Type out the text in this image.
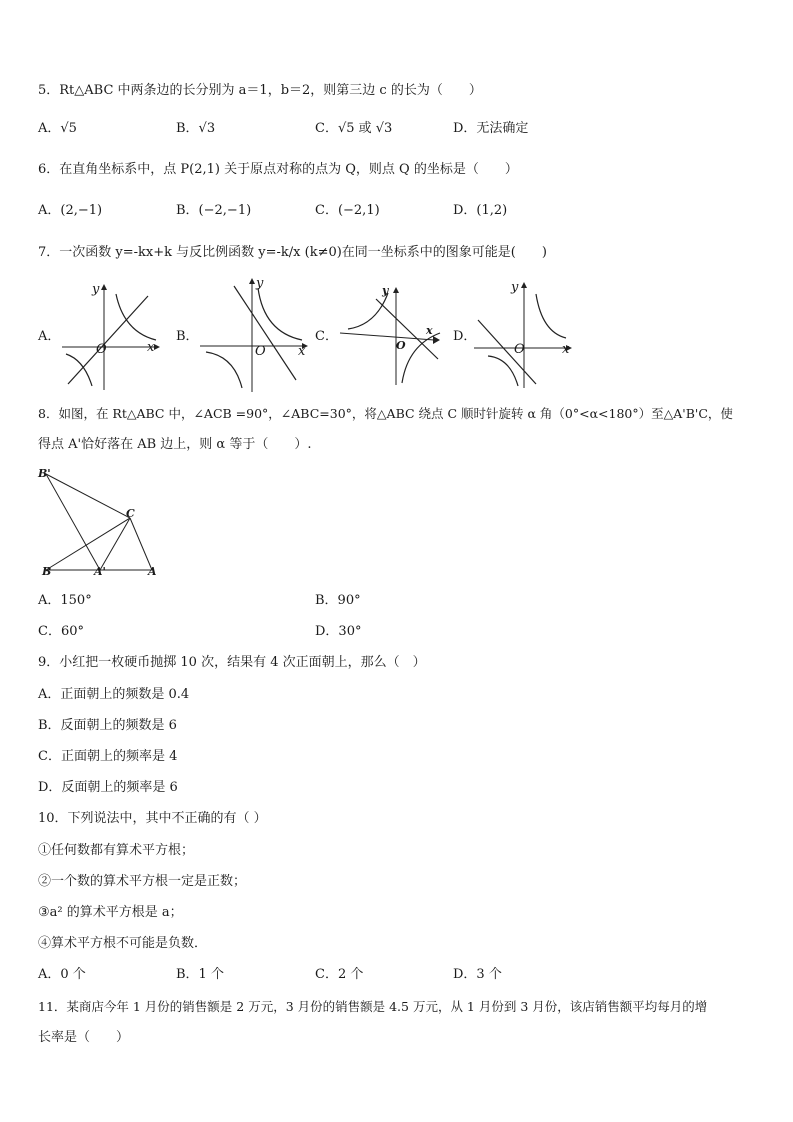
5．Rt△ABC 中两条边的长分别为 a＝1，b＝2，则第三边 c 的长为（　　）
A．√5	B．√3	C．√5 或 √3	D．无法确定
6．在直角坐标系中，点 P(2,1) 关于原点对称的点为 Q，则点 Q 的坐标是（　　）
A．(2,−1)	B．(−2,−1)	C．(−2,1)	D．(1,2)
7．一次函数 y=-kx+k 与反比例函数 y=-k/x (k≠0)在同一坐标系中的图象可能是(　　)
A．	B．	C．	D．
y
x
O
y
x
O
y
x
O
y
x
O
8．如图，在 Rt△ABC 中，∠ACB =90°，∠ABC=30°，将△ABC 绕点 C 顺时针旋转 α 角（0°<α<180°）至△A'B'C，使
得点 A'恰好落在 AB 边上，则 α 等于（　　）.
B'
C
B	A'	A
A．150°	B．90°
C．60°	D．30°
9．小红把一枚硬币抛掷 10 次，结果有 4 次正面朝上，那么（　）
A．正面朝上的频数是 0.4
B．反面朝上的频数是 6
C．正面朝上的频率是 4
D．反面朝上的频率是 6
10．下列说法中，其中不正确的有（ ）
①任何数都有算术平方根；
②一个数的算术平方根一定是正数；
③a² 的算术平方根是 a；
④算术平方根不可能是负数．
A．0 个	B．1 个	C．2 个	D．3 个
11．某商店今年 1 月份的销售额是 2 万元，3 月份的销售额是 4.5 万元，从 1 月份到 3 月份，该店销售额平均每月的增
长率是（　　）
